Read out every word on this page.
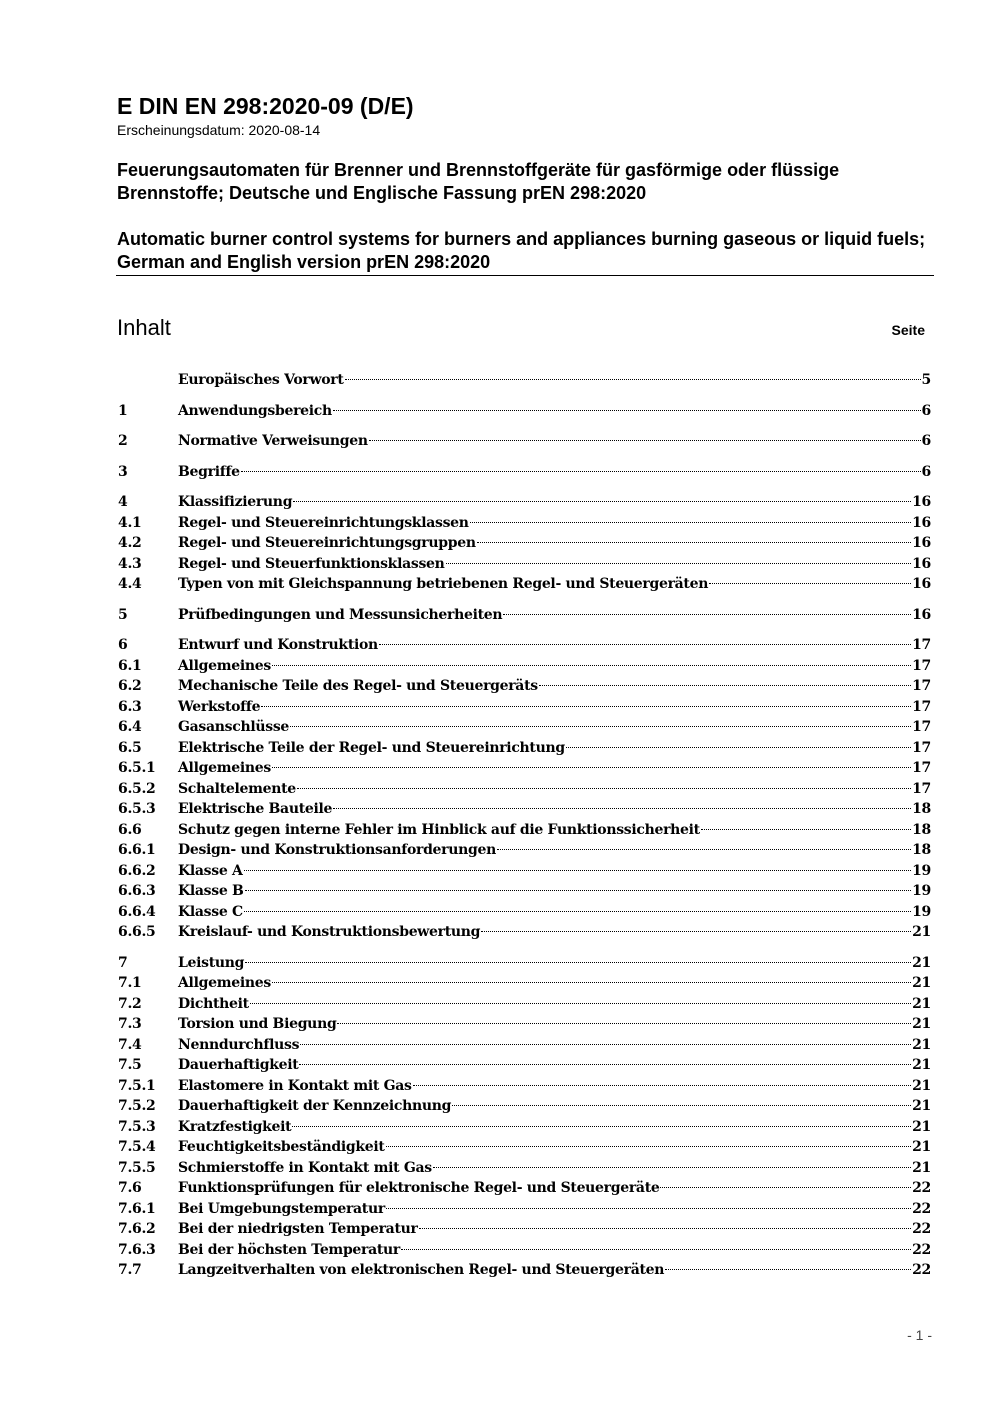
E DIN EN 298:2020-09 (D/E)
Erscheinungsdatum: 2020-08-14
Feuerungsautomaten für Brenner und Brennstoffgeräte für gasförmige oder flüssige Brennstoffe; Deutsche und Englische Fassung prEN 298:2020
Automatic burner control systems for burners and appliances burning gaseous or liquid fuels; German and English version prEN 298:2020
Inhalt	Seite
Europäisches Vorwort	5
1	Anwendungsbereich	6
2	Normative Verweisungen	6
3	Begriffe	6
4	Klassifizierung	16
4.1	Regel- und Steuereinrichtungsklassen	16
4.2	Regel- und Steuereinrichtungsgruppen	16
4.3	Regel- und Steuerfunktionsklassen	16
4.4	Typen von mit Gleichspannung betriebenen Regel- und Steuergeräten	16
5	Prüfbedingungen und Messunsicherheiten	16
6	Entwurf und Konstruktion	17
6.1	Allgemeines	17
6.2	Mechanische Teile des Regel- und Steuergeräts	17
6.3	Werkstoffe	17
6.4	Gasanschlüsse	17
6.5	Elektrische Teile der Regel- und Steuereinrichtung	17
6.5.1	Allgemeines	17
6.5.2	Schaltelemente	17
6.5.3	Elektrische Bauteile	18
6.6	Schutz gegen interne Fehler im Hinblick auf die Funktionssicherheit	18
6.6.1	Design- und Konstruktionsanforderungen	18
6.6.2	Klasse A	19
6.6.3	Klasse B	19
6.6.4	Klasse C	19
6.6.5	Kreislauf- und Konstruktionsbewertung	21
7	Leistung	21
7.1	Allgemeines	21
7.2	Dichtheit	21
7.3	Torsion und Biegung	21
7.4	Nenndurchfluss	21
7.5	Dauerhaftigkeit	21
7.5.1	Elastomere in Kontakt mit Gas	21
7.5.2	Dauerhaftigkeit der Kennzeichnung	21
7.5.3	Kratzfestigkeit	21
7.5.4	Feuchtigkeitsbeständigkeit	21
7.5.5	Schmierstoffe in Kontakt mit Gas	21
7.6	Funktionsprüfungen für elektronische Regel- und Steuergeräte	22
7.6.1	Bei Umgebungstemperatur	22
7.6.2	Bei der niedrigsten Temperatur	22
7.6.3	Bei der höchsten Temperatur	22
7.7	Langzeitverhalten von elektronischen Regel- und Steuergeräten	22
- 1 -
